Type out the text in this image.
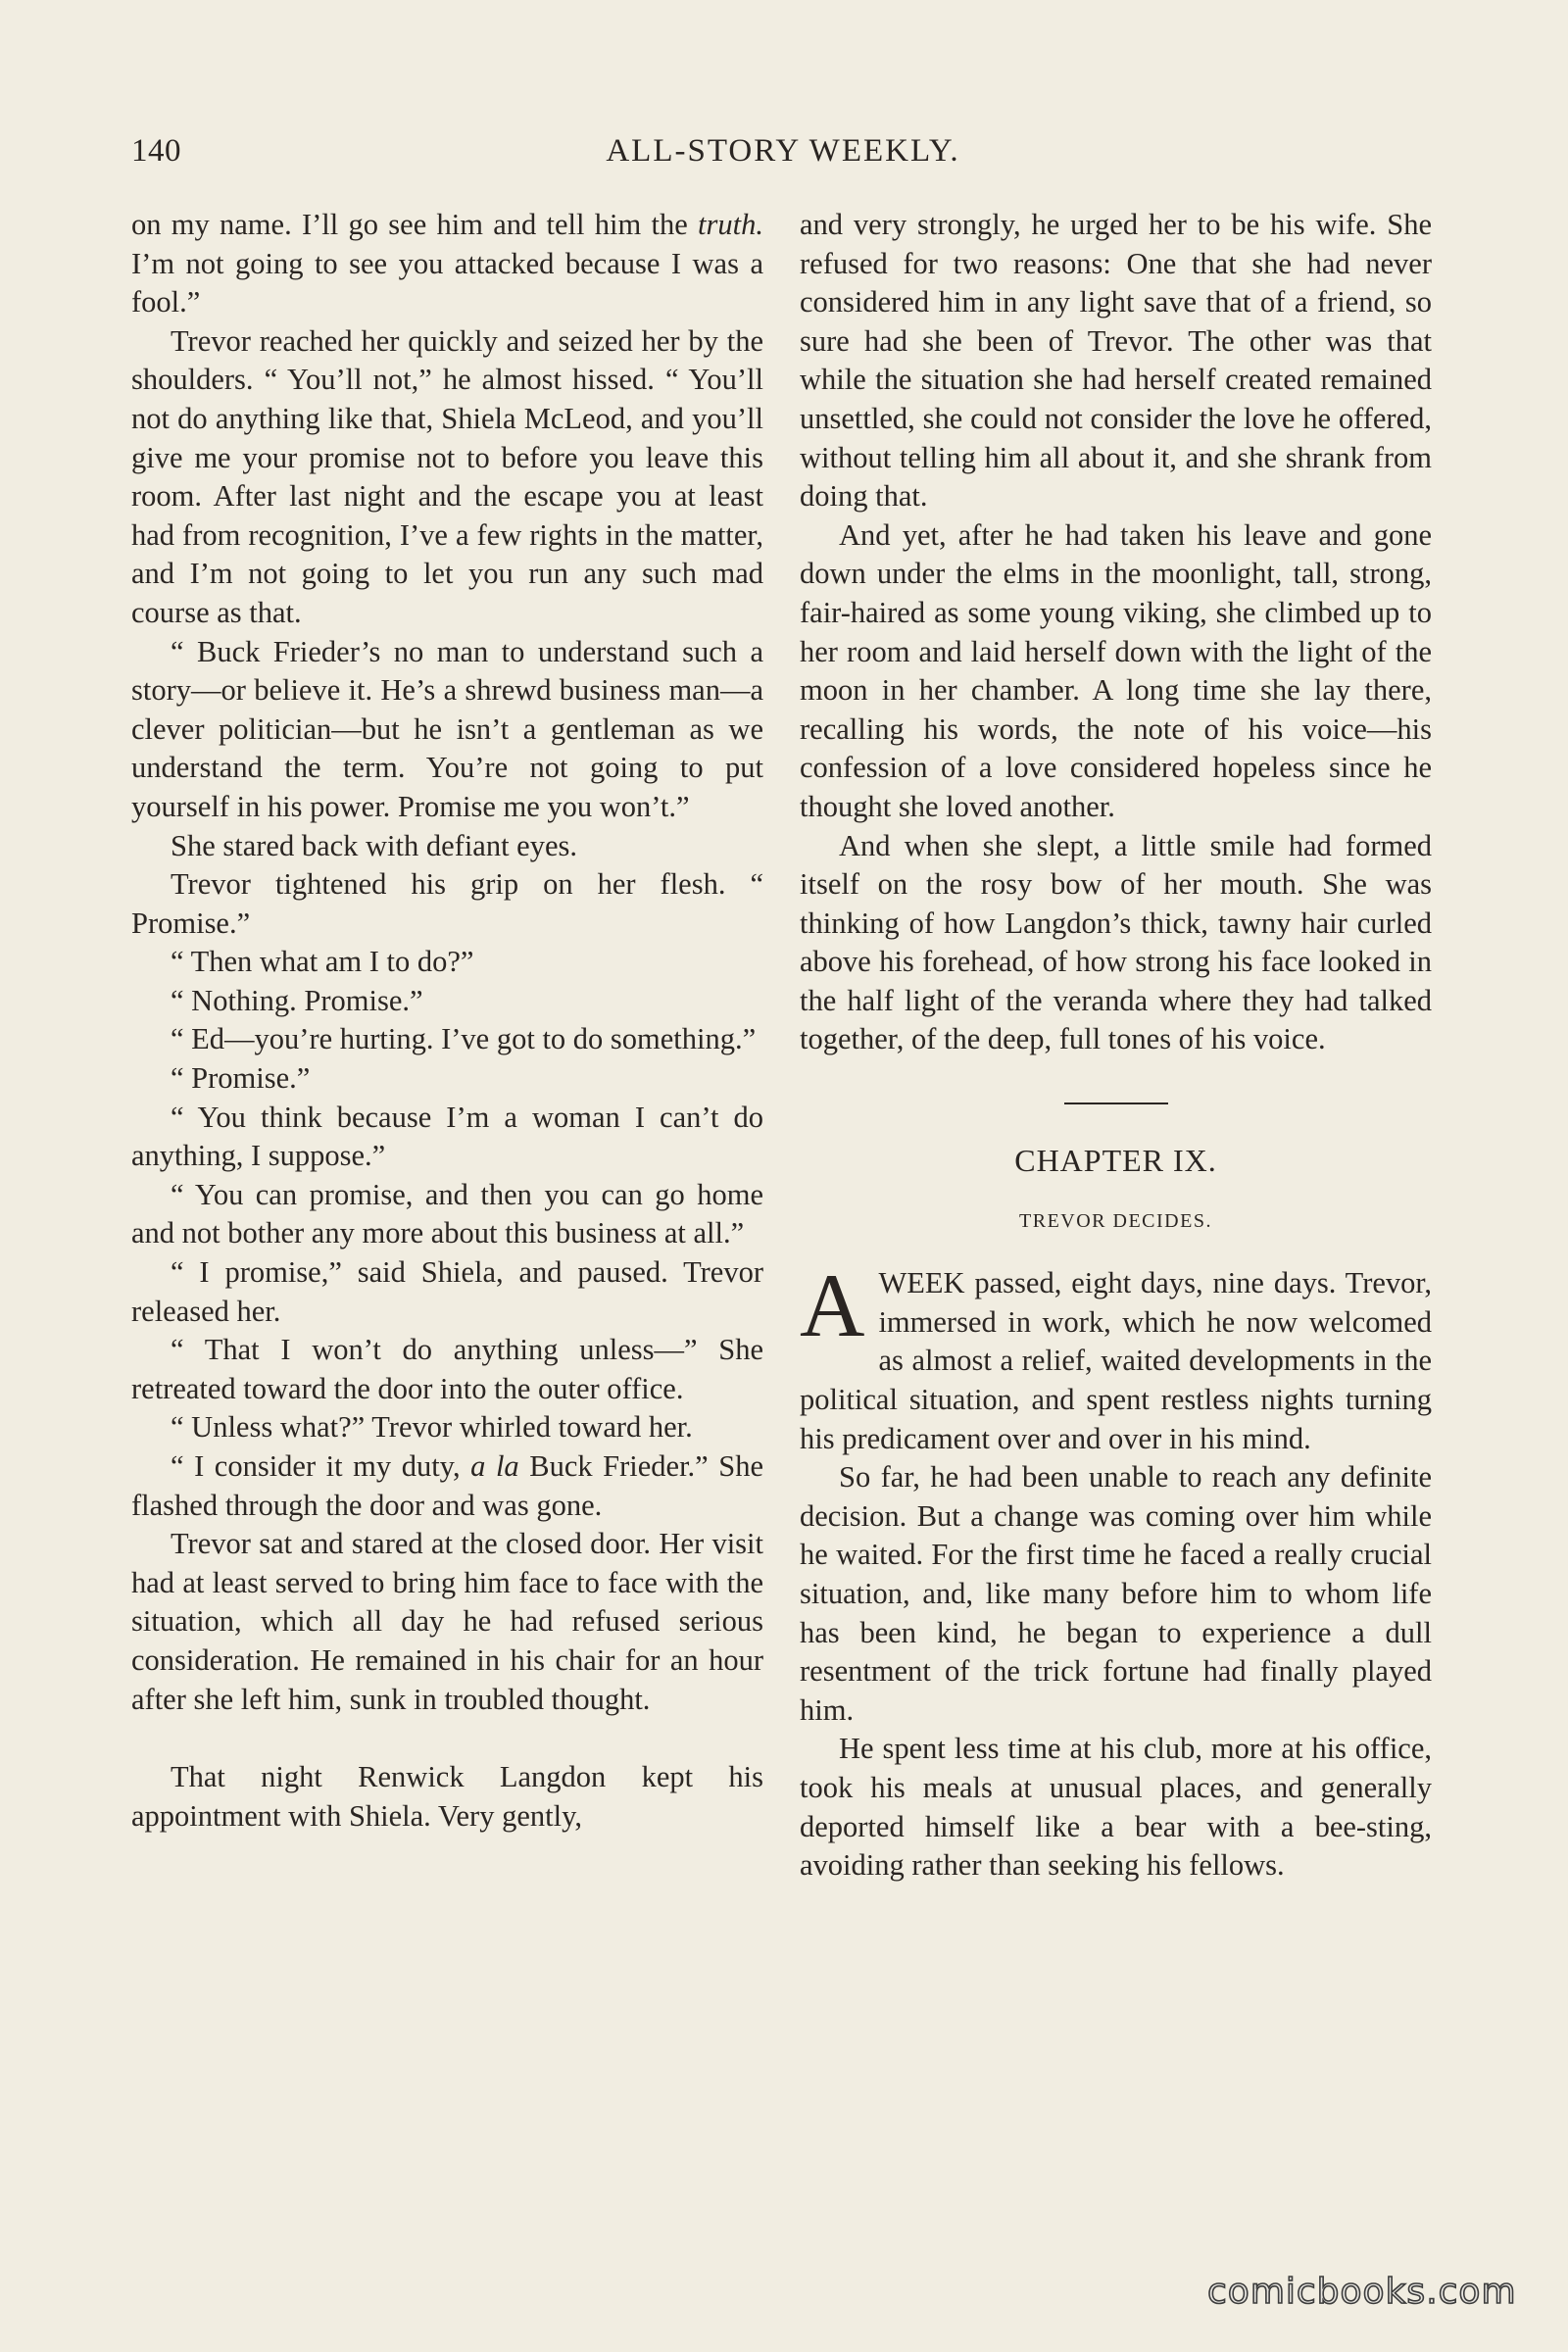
140	ALL-STORY WEEKLY.

on my name. I’ll go see him and tell him the truth. I’m not going to see you attacked because I was a fool.”

Trevor reached her quickly and seized her by the shoulders. “ You’ll not,” he almost hissed. “ You’ll not do anything like that, Shiela McLeod, and you’ll give me your promise not to before you leave this room. After last night and the escape you at least had from recognition, I’ve a few rights in the matter, and I’m not going to let you run any such mad course as that.

“ Buck Frieder’s no man to understand such a story—or believe it. He’s a shrewd business man—a clever politician—but he isn’t a gentleman as we understand the term. You’re not going to put yourself in his power. Promise me you won’t.”

She stared back with defiant eyes.

Trevor tightened his grip on her flesh. “ Promise.”

“ Then what am I to do?”

“ Nothing. Promise.”

“ Ed—you’re hurting. I’ve got to do something.”

“ Promise.”

“ You think because I’m a woman I can’t do anything, I suppose.”

“ You can promise, and then you can go home and not bother any more about this business at all.”

“ I promise,” said Shiela, and paused. Trevor released her.

“ That I won’t do anything unless—” She retreated toward the door into the outer office.

“ Unless what?” Trevor whirled toward her.

“ I consider it my duty, a la Buck Frieder.” She flashed through the door and was gone.

Trevor sat and stared at the closed door. Her visit had at least served to bring him face to face with the situation, which all day he had refused serious consideration. He remained in his chair for an hour after she left him, sunk in troubled thought.

That night Renwick Langdon kept his appointment with Shiela. Very gently,

and very strongly, he urged her to be his wife. She refused for two reasons: One that she had never considered him in any light save that of a friend, so sure had she been of Trevor. The other was that while the situation she had herself created remained unsettled, she could not consider the love he offered, without telling him all about it, and she shrank from doing that.

And yet, after he had taken his leave and gone down under the elms in the moonlight, tall, strong, fair-haired as some young viking, she climbed up to her room and laid herself down with the light of the moon in her chamber. A long time she lay there, recalling his words, the note of his voice—his confession of a love considered hopeless since he thought she loved another.

And when she slept, a little smile had formed itself on the rosy bow of her mouth. She was thinking of how Langdon’s thick, tawny hair curled above his forehead, of how strong his face looked in the half light of the veranda where they had talked together, of the deep, full tones of his voice.

CHAPTER IX.
TREVOR DECIDES.

AWEEK passed, eight days, nine days. Trevor, immersed in work, which he now welcomed as almost a relief, waited developments in the political situation, and spent restless nights turning his predicament over and over in his mind.

So far, he had been unable to reach any definite decision. But a change was coming over him while he waited. For the first time he faced a really crucial situation, and, like many before him to whom life has been kind, he began to experience a dull resentment of the trick fortune had finally played him.

He spent less time at his club, more at his office, took his meals at unusual places, and generally deported himself like a bear with a bee-sting, avoiding rather than seeking his fellows.

comicbooks.com
